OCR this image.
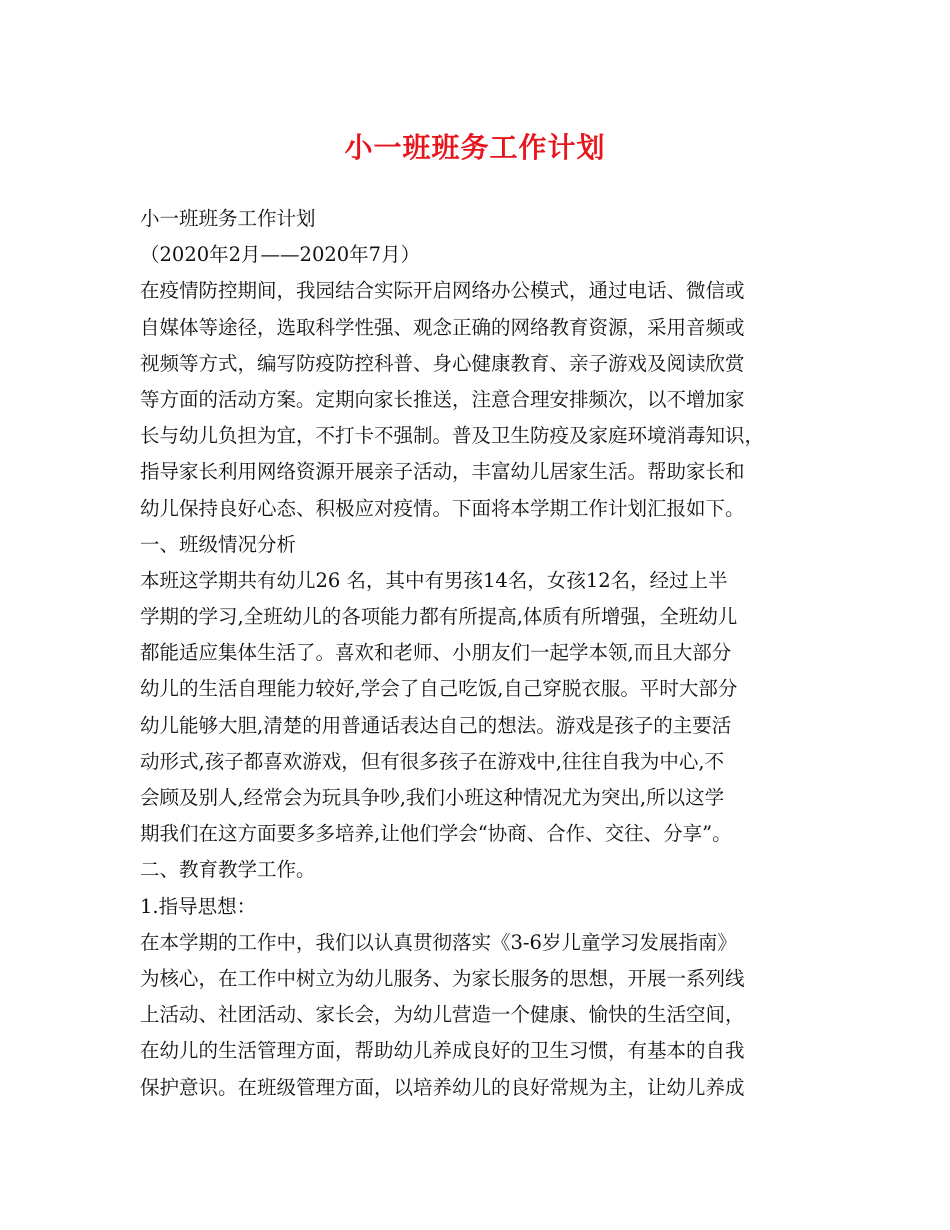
小一班班务工作计划
小一班班务工作计划
（2020年2月——2020年7月）
在疫情防控期间，我园结合实际开启网络办公模式，通过电话、微信或
自媒体等途径，选取科学性强、观念正确的网络教育资源，采用音频或
视频等方式，编写防疫防控科普、身心健康教育、亲子游戏及阅读欣赏
等方面的活动方案。定期向家长推送，注意合理安排频次，以不增加家
长与幼儿负担为宜，不打卡不强制。普及卫生防疫及家庭环境消毒知识，
指导家长利用网络资源开展亲子活动，丰富幼儿居家生活。帮助家长和
幼儿保持良好心态、积极应对疫情。下面将本学期工作计划汇报如下。
一、班级情况分析
本班这学期共有幼儿26 名，其中有男孩14名，女孩12名，经过上半
学期的学习,全班幼儿的各项能力都有所提高,体质有所增强，全班幼儿
都能适应集体生活了。喜欢和老师、小朋友们一起学本领,而且大部分
幼儿的生活自理能力较好,学会了自己吃饭,自己穿脱衣服。平时大部分
幼儿能够大胆,清楚的用普通话表达自己的想法。游戏是孩子的主要活
动形式,孩子都喜欢游戏，但有很多孩子在游戏中,往往自我为中心,不
会顾及别人,经常会为玩具争吵,我们小班这种情况尤为突出,所以这学
期我们在这方面要多多培养,让他们学会“协商、合作、交往、分享”。
二、教育教学工作。
1.指导思想：
在本学期的工作中，我们以认真贯彻落实《3-6岁儿童学习发展指南》
为核心，在工作中树立为幼儿服务、为家长服务的思想，开展一系列线
上活动、社团活动、家长会，为幼儿营造一个健康、愉快的生活空间，
在幼儿的生活管理方面，帮助幼儿养成良好的卫生习惯，有基本的自我
保护意识。在班级管理方面，以培养幼儿的良好常规为主，让幼儿养成
